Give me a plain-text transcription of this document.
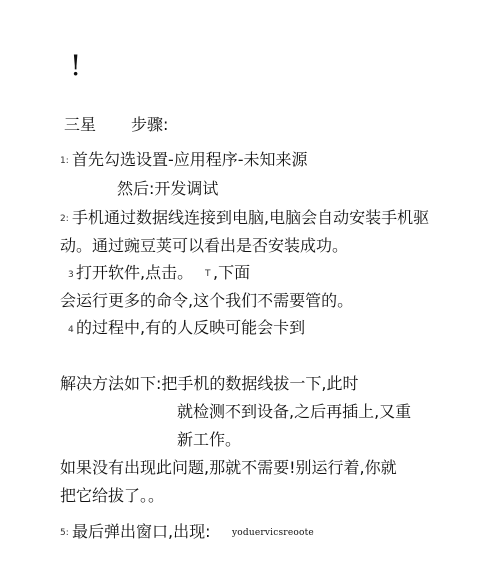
!
三星 步骤:
1: 首先勾选设置-应用程序-未知来源
然后:开发调试
2: 手机通过数据线连接到电脑,电脑会自动安装手机驱
动。通过豌豆荚可以看出是否安装成功。
3 打开软件,点击。 T ,下面
会运行更多的命令,这个我们不需要管的。
4 的过程中,有的人反映可能会卡到
解决方法如下:把手机的数据线拔一下,此时
就检测不到设备,之后再插上,又重
新工作。
如果没有出现此问题,那就不需要!别运行着,你就
把它给拔了。。
5: 最后弹出窗口,出现: yoduervicsreoote
